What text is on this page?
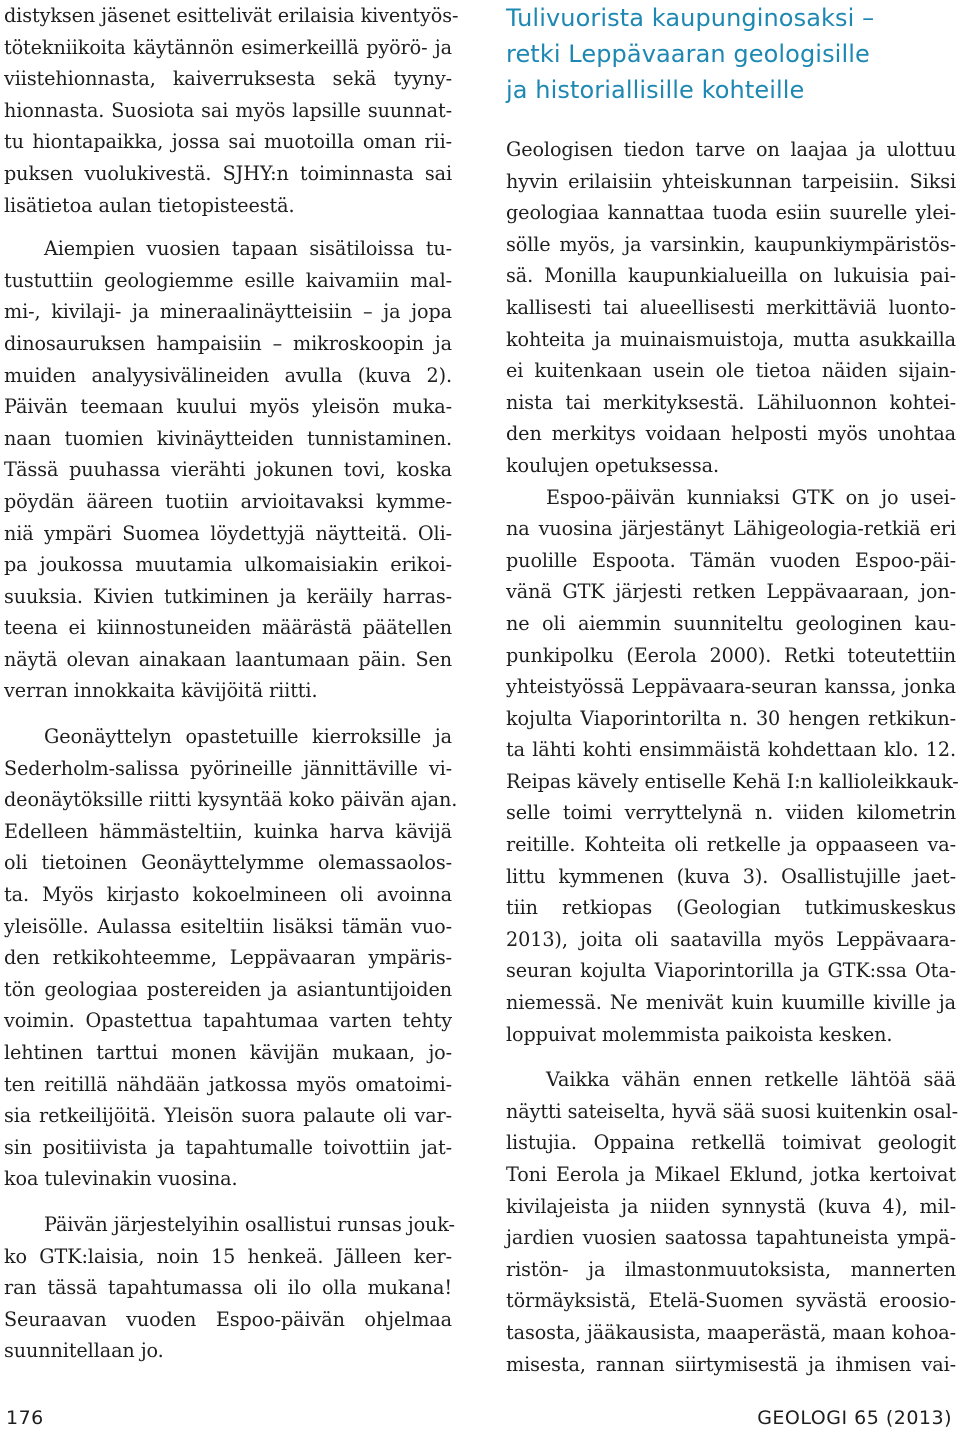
distyksen jäsenet esittelivät erilaisia kiventyös-
tötekniikoita käytännön esimerkeillä pyörö- ja
viistehionnasta, kaiverruksesta sekä tyyny-
hionnasta. Suosiota sai myös lapsille suunnat-
tu hiontapaikka, jossa sai muotoilla oman rii-
puksen vuolukivestä. SJHY:n toiminnasta sai
lisätietoa aulan tietopisteestä.
Aiempien vuosien tapaan sisätiloissa tu-
tustuttiin geologiemme esille kaivamiin mal-
mi-, kivilaji- ja mineraalinäytteisiin – ja jopa
dinosauruksen hampaisiin – mikroskoopin ja
muiden analyysivälineiden avulla (kuva 2).
Päivän teemaan kuului myös yleisön muka-
naan tuomien kivinäytteiden tunnistaminen.
Tässä puuhassa vierähti jokunen tovi, koska
pöydän ääreen tuotiin arvioitavaksi kymme-
niä ympäri Suomea löydettyjä näytteitä. Oli-
pa joukossa muutamia ulkomaisiakin erikoi-
suuksia. Kivien tutkiminen ja keräily harras-
teena ei kiinnostuneiden määrästä päätellen
näytä olevan ainakaan laantumaan päin. Sen
verran innokkaita kävijöitä riitti.
Geonäyttelyn opastetuille kierroksille ja
Sederholm-salissa pyörineille jännittäville vi-
deonäytöksille riitti kysyntää koko päivän ajan.
Edelleen hämmästeltiin, kuinka harva kävijä
oli tietoinen Geonäyttelymme olemassaolos-
ta. Myös kirjasto kokoelmineen oli avoinna
yleisölle. Aulassa esiteltiin lisäksi tämän vuo-
den retkikohteemme, Leppävaaran ympäris-
tön geologiaa postereiden ja asiantuntijoiden
voimin. Opastettua tapahtumaa varten tehty
lehtinen tarttui monen kävijän mukaan, jo-
ten reitillä nähdään jatkossa myös omatoimi-
sia retkeilijöitä. Yleisön suora palaute oli var-
sin positiivista ja tapahtumalle toivottiin jat-
koa tulevinakin vuosina.
Päivän järjestelyihin osallistui runsas jouk-
ko GTK:laisia, noin 15 henkeä. Jälleen ker-
ran tässä tapahtumassa oli ilo olla mukana!
Seuraavan vuoden Espoo-päivän ohjelmaa
suunnitellaan jo.
Tulivuorista kaupunginosaksi –
retki Leppävaaran geologisille
ja historiallisille kohteille
Geologisen tiedon tarve on laajaa ja ulottuu
hyvin erilaisiin yhteiskunnan tarpeisiin. Siksi
geologiaa kannattaa tuoda esiin suurelle ylei-
sölle myös, ja varsinkin, kaupunkiympäristös-
sä. Monilla kaupunkialueilla on lukuisia pai-
kallisesti tai alueellisesti merkittäviä luonto-
kohteita ja muinaismuistoja, mutta asukkailla
ei kuitenkaan usein ole tietoa näiden sijain-
nista tai merkityksestä. Lähiluonnon kohtei-
den merkitys voidaan helposti myös unohtaa
koulujen opetuksessa.
Espoo-päivän kunniaksi GTK on jo usei-
na vuosina järjestänyt Lähigeologia-retkiä eri
puolille Espoota. Tämän vuoden Espoo-päi-
vänä GTK järjesti retken Leppävaaraan, jon-
ne oli aiemmin suunniteltu geologinen kau-
punkipolku (Eerola 2000). Retki toteutettiin
yhteistyössä Leppävaara-seuran kanssa, jonka
kojulta Viaporintorilta n. 30 hengen retkikun-
ta lähti kohti ensimmäistä kohdettaan klo. 12.
Reipas kävely entiselle Kehä I:n kallioleikkauk-
selle toimi verryttelynä n. viiden kilometrin
reitille. Kohteita oli retkelle ja oppaaseen va-
littu kymmenen (kuva 3). Osallistujille jaet-
tiin retkiopas (Geologian tutkimuskeskus
2013), joita oli saatavilla myös Leppävaara-
seuran kojulta Viaporintorilla ja GTK:ssa Ota-
niemessä. Ne menivät kuin kuumille kiville ja
loppuivat molemmista paikoista kesken.
Vaikka vähän ennen retkelle lähtöä sää
näytti sateiselta, hyvä sää suosi kuitenkin osal-
listujia. Oppaina retkellä toimivat geologit
Toni Eerola ja Mikael Eklund, jotka kertoivat
kivilajeista ja niiden synnystä (kuva 4), mil-
jardien vuosien saatossa tapahtuneista ympä-
ristön- ja ilmastonmuutoksista, mannerten
törmäyksistä, Etelä-Suomen syvästä eroosio-
tasosta, jääkausista, maaperästä, maan kohoa-
misesta, rannan siirtymisestä ja ihmisen vai-
176	GEOLOGI 65 (2013)
